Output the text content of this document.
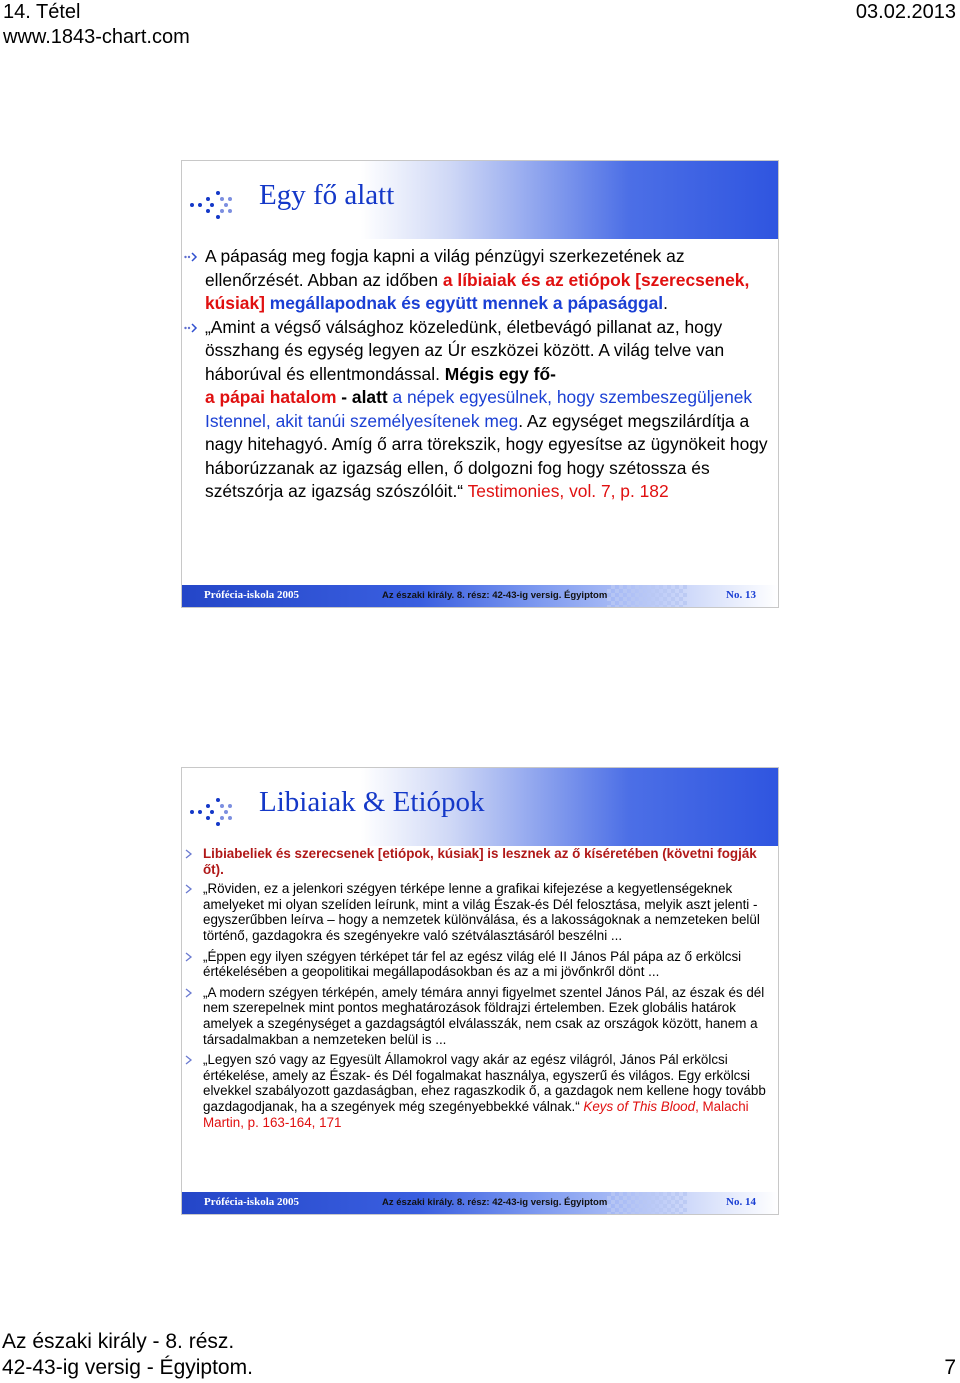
14. Tétel
www.1843-chart.com
03.02.2013
Egy fő alatt
A pápaság meg fogja kapni a világ pénzügyi szerkezetének az ellenőrzését. Abban az időben a líbiaiak és az etiópok [szerecsenek, kúsiak] megállapodnak és együtt mennek a pápasággal.
„Amint a végső válsághoz közeledünk, életbevágó pillanat az, hogy összhang és egység legyen az Úr eszközei között. A világ telve van háborúval és ellentmondással. Mégis egy fő-
a pápai hatalom - alatt a népek egyesülnek, hogy szembeszegüljenek Istennel, akit tanúi személyesítenek meg. Az egységet megszilárdítja a nagy hitehagyó. Amíg ő arra törekszik, hogy egyesítse az ügynökeit hogy háborúzzanak az igazság ellen, ő dolgozni fog hogy szétossza és szétszórja az igazság szószólóit.“ Testimonies, vol. 7, p. 182
Prófécia-iskola 2005	Az északi király. 8. rész: 42-43-ig versig. Égyiptom	No. 13
Libiaiak & Etiópok
Libiabeliek és szerecsenek [etiópok, kúsiak] is lesznek az ő kíséretében (követni fogják őt).
„Röviden, ez a jelenkori szégyen térképe lenne a grafikai kifejezése a kegyetlenségeknek amelyeket mi olyan szelíden leírunk, mint a világ Észak-és Dél felosztása, melyik aszt jelenti - egyszerűbben leírva – hogy a nemzetek különválása, és a lakosságoknak a nemzeteken belül történő, gazdagokra és szegényekre való szétválasztásáról beszélni ...
„Éppen egy ilyen szégyen térképet tár fel az egész világ elé II János Pál pápa az ő erkölcsi értékelésében a geopolitikai megállapodásokban és az a mi jövőnkről dönt ...
„A modern szégyen térképén, amely témára annyi figyelmet szentel János Pál, az észak és dél nem szerepelnek mint pontos meghatározások földrajzi értelemben. Ezek globális határok amelyek a szegénységet a gazdagságtól elválasszák, nem csak az országok között, hanem a társadalmakban a nemzeteken belül is ...
„Legyen szó vagy az Egyesült Államokrol vagy akár az egész világról, János Pál erkölcsi értékelése, amely az Észak- és Dél fogalmakat használya, egyszerű és világos. Egy erkölcsi elvekkel szabályozott gazdaságban, ehez ragaszkodik ő, a gazdagok nem kellene hogy tovább gazdagodjanak, ha a szegények még szegényebbekké válnak.“ Keys of This Blood, Malachi Martin, p. 163-164, 171
Prófécia-iskola 2005	Az északi király. 8. rész: 42-43-ig versig. Égyiptom	No. 14
Az északi király - 8. rész.
42-43-ig versig - Égyiptom.	7
